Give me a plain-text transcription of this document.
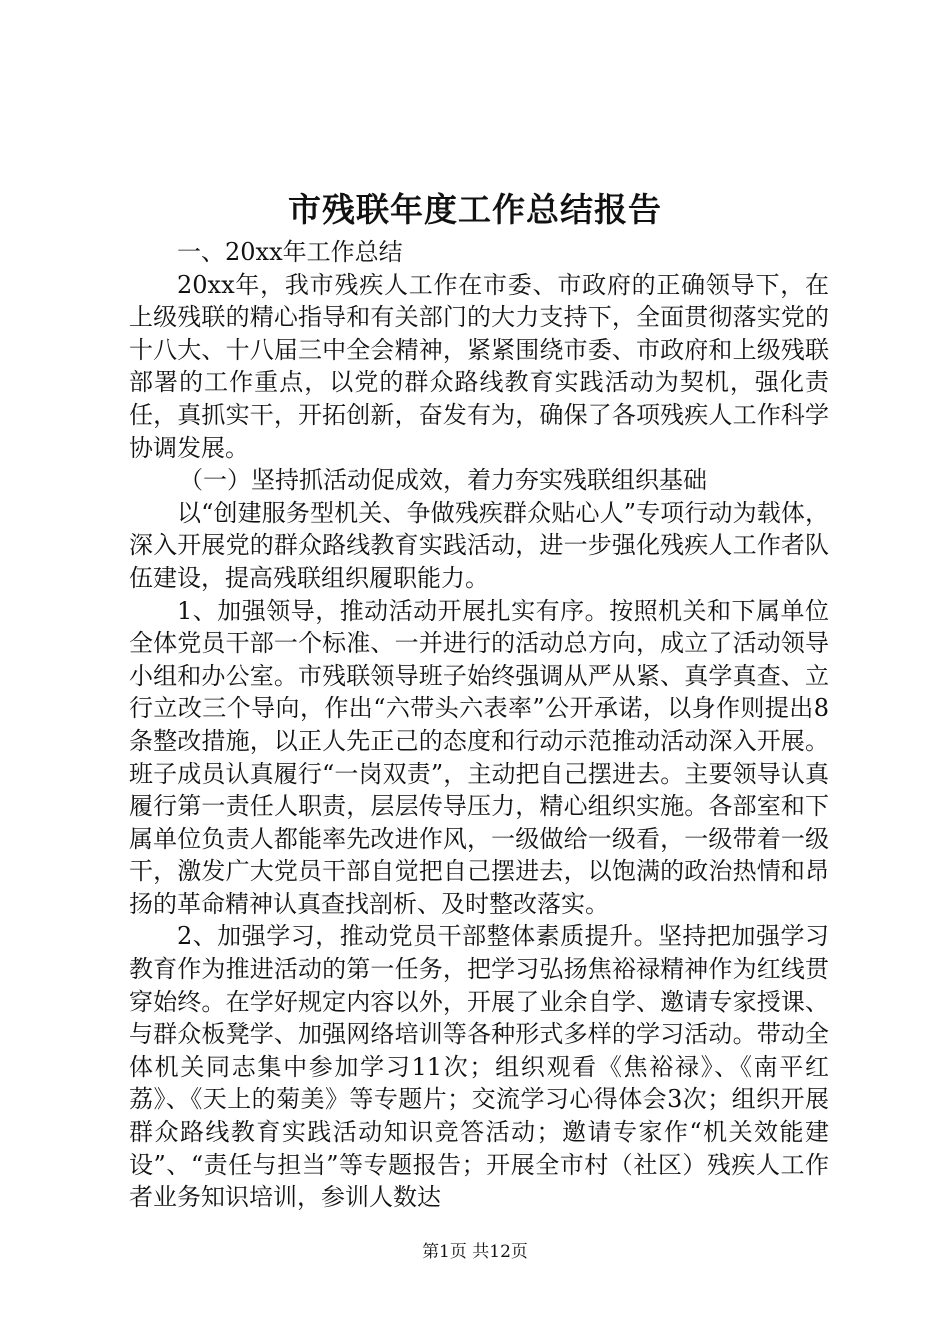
市残联年度工作总结报告

一、20xx年工作总结

20xx年，我市残疾人工作在市委、市政府的正确领导下，在上级残联的精心指导和有关部门的大力支持下，全面贯彻落实党的十八大、十八届三中全会精神，紧紧围绕市委、市政府和上级残联部署的工作重点，以党的群众路线教育实践活动为契机，强化责任，真抓实干，开拓创新，奋发有为，确保了各项残疾人工作科学协调发展。

（一）坚持抓活动促成效，着力夯实残联组织基础

以“创建服务型机关、争做残疾群众贴心人”专项行动为载体，深入开展党的群众路线教育实践活动，进一步强化残疾人工作者队伍建设，提高残联组织履职能力。

1、加强领导，推动活动开展扎实有序。按照机关和下属单位全体党员干部一个标准、一并进行的活动总方向，成立了活动领导小组和办公室。市残联领导班子始终强调从严从紧、真学真查、立行立改三个导向，作出“六带头六表率”公开承诺，以身作则提出8条整改措施，以正人先正己的态度和行动示范推动活动深入开展。班子成员认真履行“一岗双责”，主动把自己摆进去。主要领导认真履行第一责任人职责，层层传导压力，精心组织实施。各部室和下属单位负责人都能率先改进作风，一级做给一级看，一级带着一级干，激发广大党员干部自觉把自己摆进去，以饱满的政治热情和昂扬的革命精神认真查找剖析、及时整改落实。

2、加强学习，推动党员干部整体素质提升。坚持把加强学习教育作为推进活动的第一任务，把学习弘扬焦裕禄精神作为红线贯穿始终。在学好规定内容以外，开展了业余自学、邀请专家授课、与群众板凳学、加强网络培训等各种形式多样的学习活动。带动全体机关同志集中参加学习11次；组织观看《焦裕禄》、《南平红荔》、《天上的菊美》等专题片；交流学习心得体会3次；组织开展群众路线教育实践活动知识竞答活动；邀请专家作“机关效能建设”、“责任与担当”等专题报告；开展全市村（社区）残疾人工作者业务知识培训，参训人数达

第1页 共12页
